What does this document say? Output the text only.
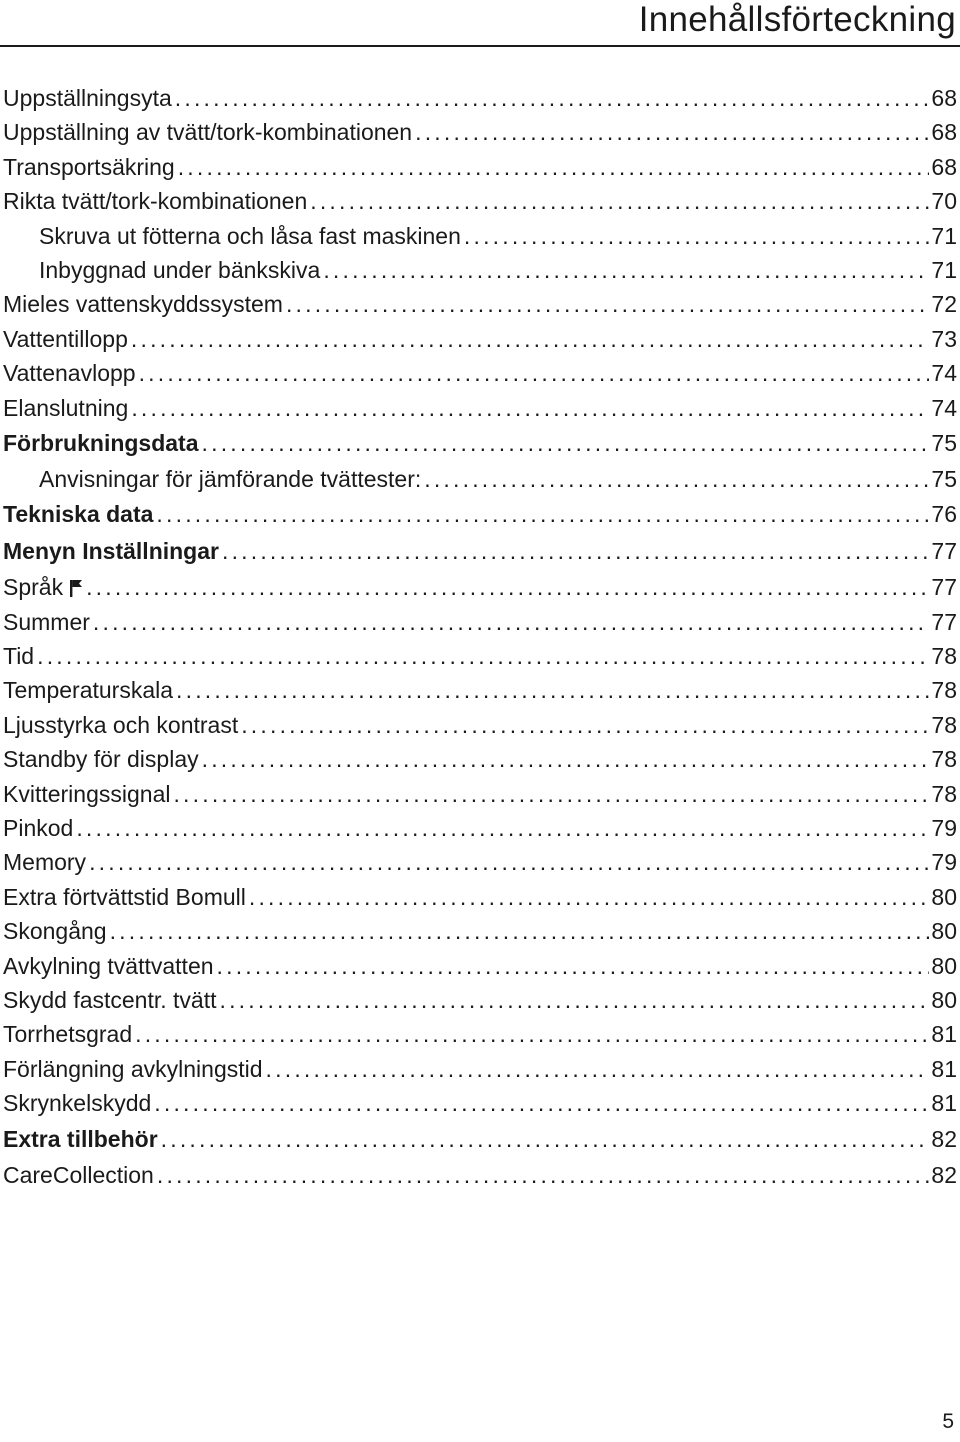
Innehållsförteckning
Uppställningsyta .....	68
Uppställning av tvätt/tork-kombinationen .....	68
Transportsäkring .....	68
Rikta tvätt/tork-kombinationen .....	70
Skruva ut fötterna och låsa fast maskinen .....	71
Inbyggnad under bänkskiva .....	71
Mieles vattenskyddssystem .....	72
Vattentillopp .....	73
Vattenavlopp .....	74
Elanslutning .....	74
Förbrukningsdata .....	75
Anvisningar för jämförande tvättester: .....	75
Tekniska data .....	76
Menyn Inställningar .....	77
Språk .....	77
Summer .....	77
Tid .....	78
Temperaturskala .....	78
Ljusstyrka och kontrast .....	78
Standby för display .....	78
Kvitteringssignal .....	78
Pinkod .....	79
Memory .....	79
Extra förtvättstid Bomull .....	80
Skongång .....	80
Avkylning tvättvatten .....	80
Skydd fastcentr. tvätt .....	80
Torrhetsgrad .....	81
Förlängning avkylningstid .....	81
Skrynkelskydd .....	81
Extra tillbehör .....	82
CareCollection .....	82

5
